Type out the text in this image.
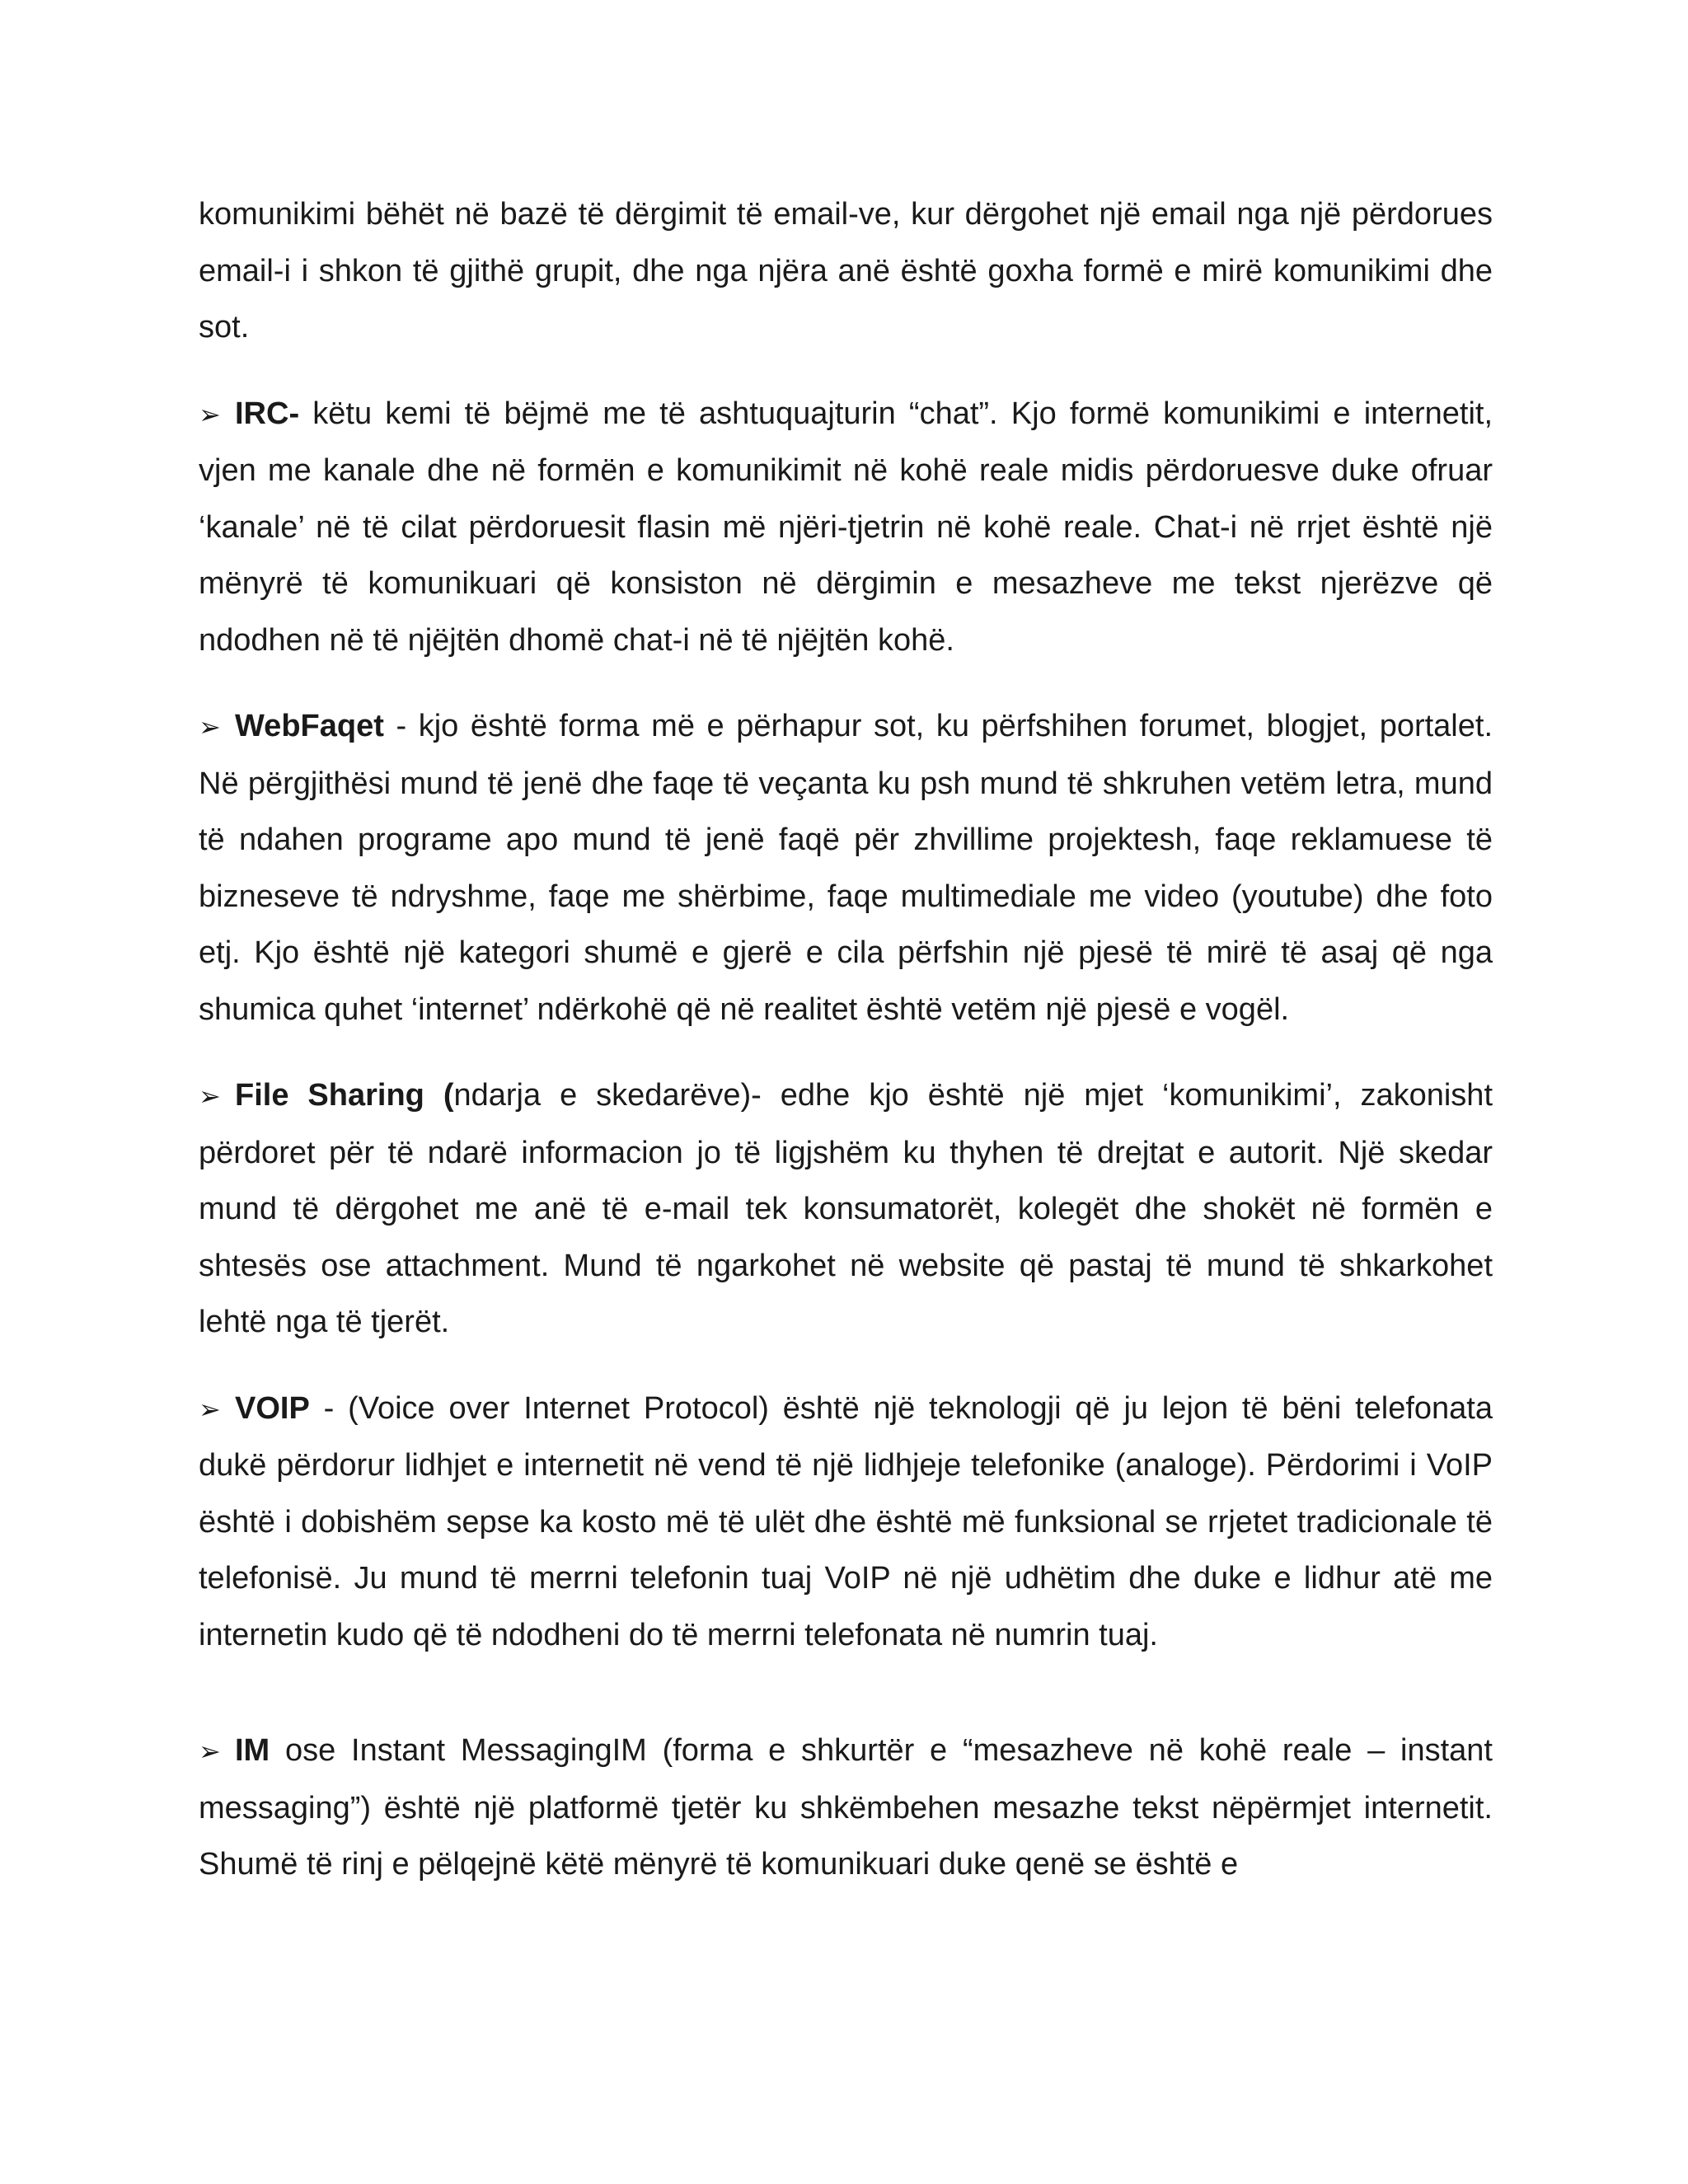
komunikimi bëhët në bazë të dërgimit të email-ve, kur dërgohet një email nga një përdorues email-i i shkon të gjithë grupit, dhe nga njëra anë është goxha formë e mirë komunikimi dhe sot.

➢ IRC- këtu kemi të bëjmë me të ashtuquajturin “chat”. Kjo formë komunikimi e internetit, vjen me kanale dhe në formën e komunikimit në kohë reale midis përdoruesve duke ofruar ‘kanale’ në të cilat përdoruesit flasin më njëri-tjetrin në kohë reale. Chat-i në rrjet është një mënyrë të komunikuari që konsiston në dërgimin e mesazheve me tekst njerëzve që ndodhen në të njëjtën dhomë chat-i në të njëjtën kohë.

➢ WebFaqet - kjo është forma më e përhapur sot, ku përfshihen forumet, blogjet, portalet. Në përgjithësi mund të jenë dhe faqe të veçanta ku psh mund të shkruhen vetëm letra, mund të ndahen programe apo mund të jenë faqë për zhvillime projektesh, faqe reklamuese të bizneseve të ndryshme, faqe me shërbime, faqe multimediale me video (youtube) dhe foto etj. Kjo është një kategori shumë e gjerë e cila përfshin një pjesë të mirë të asaj që nga shumica quhet ‘internet’ ndërkohë që në realitet është vetëm një pjesë e vogël.

➢ File Sharing (ndarja e skedarëve)- edhe kjo është një mjet ‘komunikimi’, zakonisht përdoret për të ndarë informacion jo të ligjshëm ku thyhen të drejtat e autorit. Një skedar mund të dërgohet me anë të e-mail tek konsumatorët, kolegët dhe shokët në formën e shtesës ose attachment. Mund të ngarkohet në website që pastaj të mund të shkarkohet lehtë nga të tjerët.

➢ VOIP - (Voice over Internet Protocol) është një teknologji që ju lejon të bëni telefonata dukë përdorur lidhjet e internetit në vend të një lidhjeje telefonike (analoge). Përdorimi i VoIP është i dobishëm sepse ka kosto më të ulët dhe është më funksional se rrjetet tradicionale të telefonisë. Ju mund të merrni telefonin tuaj VoIP në një udhëtim dhe duke e lidhur atë me internetin kudo që të ndodheni do të merrni telefonata në numrin tuaj.

➢ IM ose Instant MessagingIM (forma e shkurtër e “mesazheve në kohë reale – instant messaging”) është një platformë tjetër ku shkëmbehen mesazhe tekst nëpërmjet internetit. Shumë të rinj e pëlqejnë këtë mënyrë të komunikuari duke qenë se është e
